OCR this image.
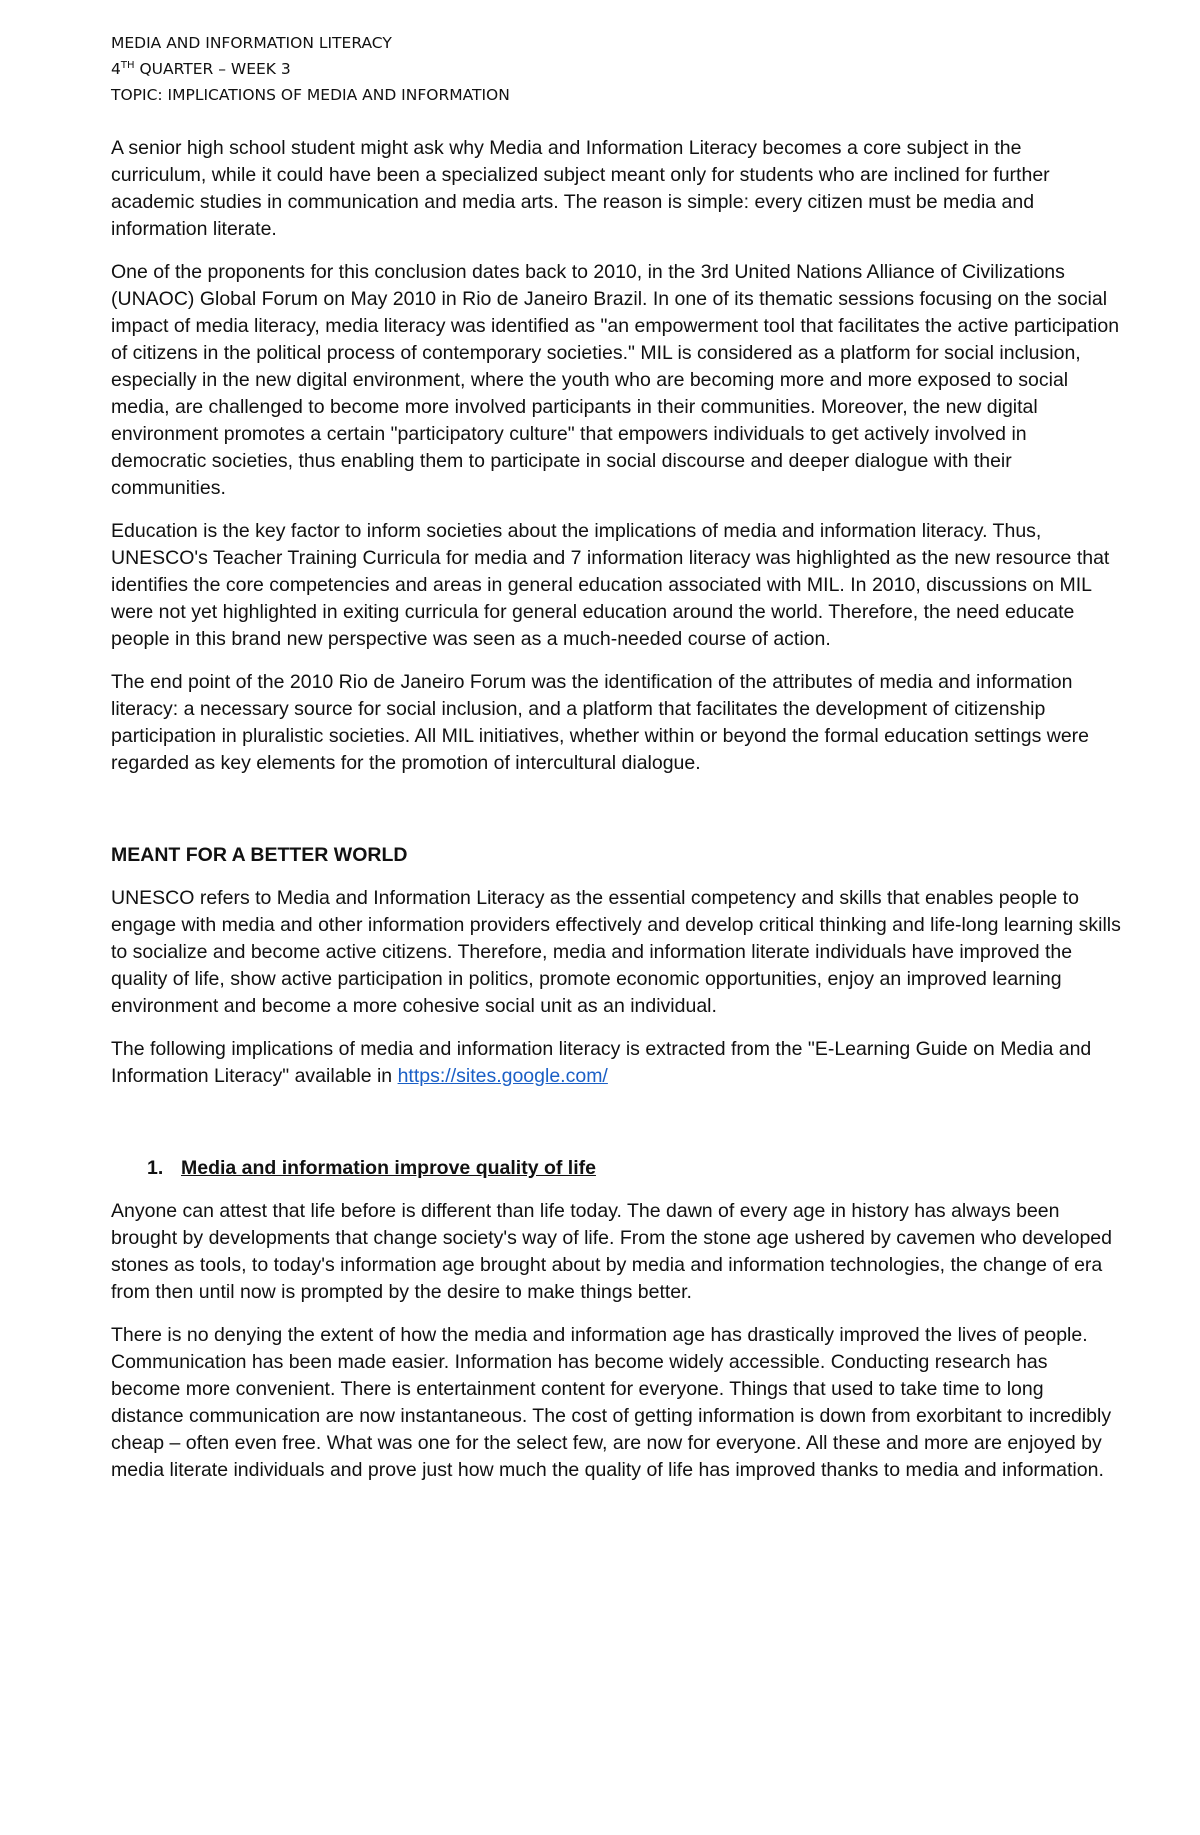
MEDIA AND INFORMATION LITERACY

4TH QUARTER – WEEK 3

TOPIC: IMPLICATIONS OF MEDIA AND INFORMATION

A senior high school student might ask why Media and Information Literacy becomes a core subject in the curriculum, while it could have been a specialized subject meant only for students who are inclined for further academic studies in communication and media arts. The reason is simple: every citizen must be media and information literate.

One of the proponents for this conclusion dates back to 2010, in the 3rd United Nations Alliance of Civilizations (UNAOC) Global Forum on May 2010 in Rio de Janeiro Brazil. In one of its thematic sessions focusing on the social impact of media literacy, media literacy was identified as "an empowerment tool that facilitates the active participation of citizens in the political process of contemporary societies." MIL is considered as a platform for social inclusion, especially in the new digital environment, where the youth who are becoming more and more exposed to social media, are challenged to become more involved participants in their communities. Moreover, the new digital environment promotes a certain "participatory culture" that empowers individuals to get actively involved in democratic societies, thus enabling them to participate in social discourse and deeper dialogue with their communities.

Education is the key factor to inform societies about the implications of media and information literacy. Thus, UNESCO's Teacher Training Curricula for media and 7 information literacy was highlighted as the new resource that identifies the core competencies and areas in general education associated with MIL. In 2010, discussions on MIL were not yet highlighted in exiting curricula for general education around the world. Therefore, the need educate people in this brand new perspective was seen as a much-needed course of action.

The end point of the 2010 Rio de Janeiro Forum was the identification of the attributes of media and information literacy: a necessary source for social inclusion, and a platform that facilitates the development of citizenship participation in pluralistic societies. All MIL initiatives, whether within or beyond the formal education settings were regarded as key elements for the promotion of intercultural dialogue.

MEANT FOR A BETTER WORLD

UNESCO refers to Media and Information Literacy as the essential competency and skills that enables people to engage with media and other information providers effectively and develop critical thinking and life-long learning skills to socialize and become active citizens. Therefore, media and information literate individuals have improved the quality of life, show active participation in politics, promote economic opportunities, enjoy an improved learning environment and become a more cohesive social unit as an individual.

The following implications of media and information literacy is extracted from the "E-Learning Guide on Media and Information Literacy" available in https://sites.google.com/

1. Media and information improve quality of life

Anyone can attest that life before is different than life today. The dawn of every age in history has always been brought by developments that change society's way of life. From the stone age ushered by cavemen who developed stones as tools, to today's information age brought about by media and information technologies, the change of era from then until now is prompted by the desire to make things better.

There is no denying the extent of how the media and information age has drastically improved the lives of people. Communication has been made easier. Information has become widely accessible. Conducting research has become more convenient. There is entertainment content for everyone. Things that used to take time to long distance communication are now instantaneous. The cost of getting information is down from exorbitant to incredibly cheap – often even free. What was one for the select few, are now for everyone. All these and more are enjoyed by media literate individuals and prove just how much the quality of life has improved thanks to media and information.
